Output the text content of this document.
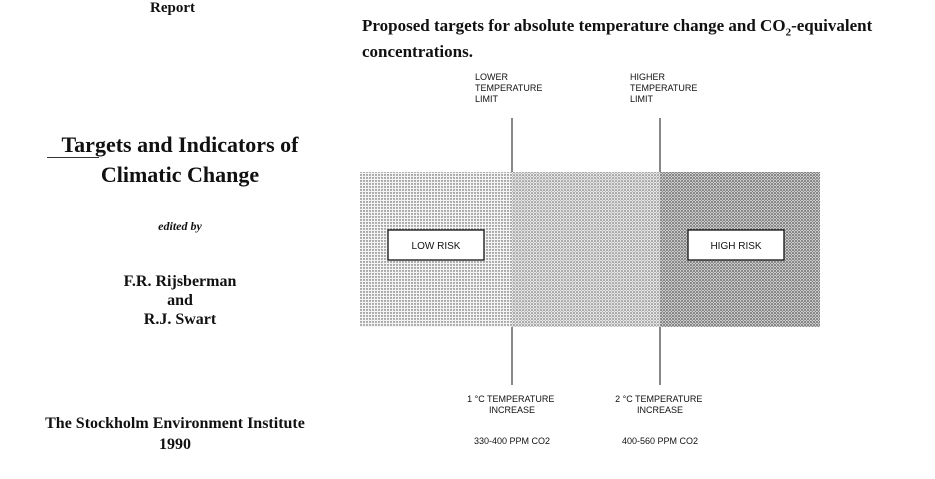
Report
Targets and Indicators of
Climatic Change
edited by
F.R. Rijsberman
and
R.J. Swart
The Stockholm Environment Institute
1990
Proposed targets for absolute temperature change and $CO_2$-equivalent concentrations.
LOWER TEMPERATURE LIMIT
HIGHER TEMPERATURE LIMIT
LOW RISK	HIGH RISK
1 °C TEMPERATURE INCREASE
2 °C TEMPERATURE INCREASE
330-400 PPM CO2	400-560 PPM CO2
